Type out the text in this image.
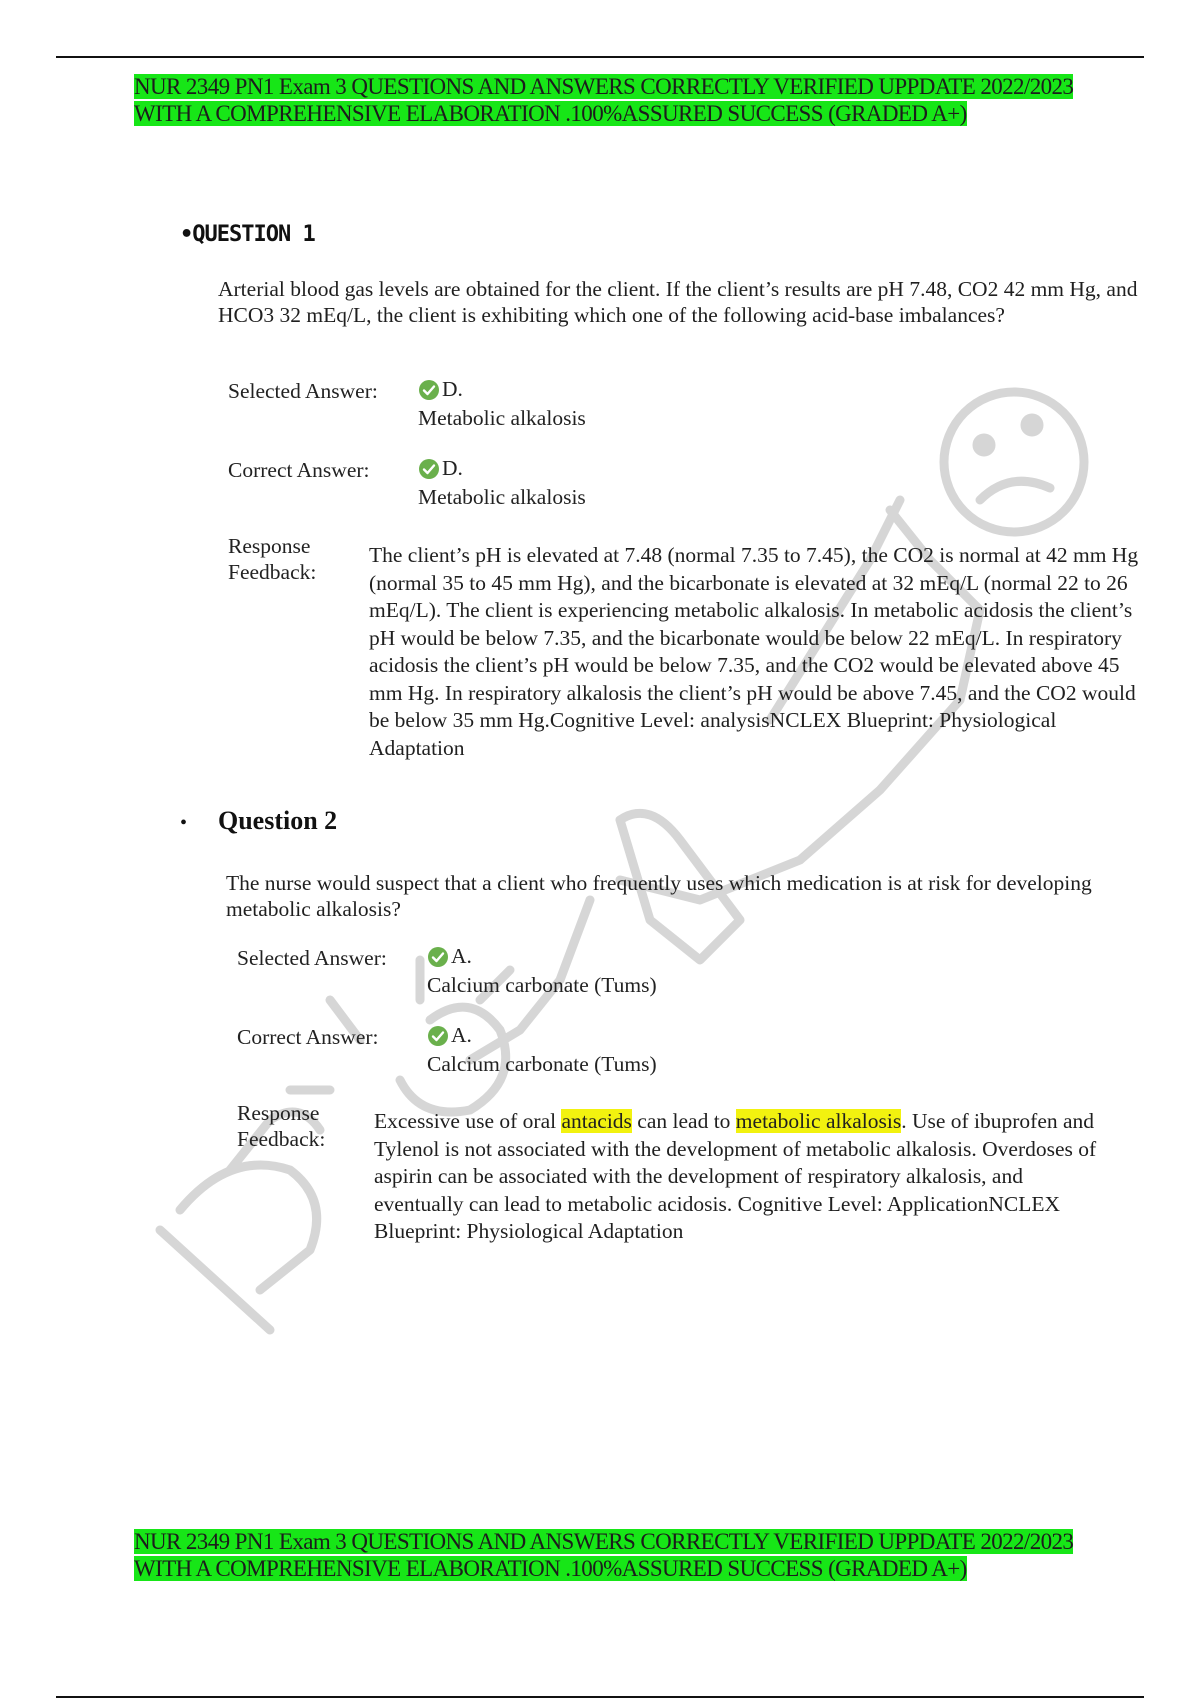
NUR 2349 PN1 Exam 3 QUESTIONS AND ANSWERS CORRECTLY VERIFIED UPPDATE 2022/2023
WITH A COMPREHENSIVE ELABORATION .100%ASSURED SUCCESS (GRADED A+)
•QUESTION 1
Arterial blood gas levels are obtained for the client. If the client’s results are pH 7.48, CO2 42 mm Hg, and HCO3 32 mEq/L, the client is exhibiting which one of the following acid-base imbalances?
Selected Answer:	D.
Metabolic alkalosis
Correct Answer:	D.
Metabolic alkalosis
Response
Feedback:
The client’s pH is elevated at 7.48 (normal 7.35 to 7.45), the CO2 is normal at 42 mm Hg (normal 35 to 45 mm Hg), and the bicarbonate is elevated at 32 mEq/L (normal 22 to 26 mEq/L). The client is experiencing metabolic alkalosis. In metabolic acidosis the client’s pH would be below 7.35, and the bicarbonate would be below 22 mEq/L. In respiratory acidosis the client’s pH would be below 7.35, and the CO2 would be elevated above 45 mm Hg. In respiratory alkalosis the client’s pH would be above 7.45, and the CO2 would be below 35 mm Hg.Cognitive Level: analysisNCLEX Blueprint: Physiological Adaptation
• Question 2
The nurse would suspect that a client who frequently uses which medication is at risk for developing metabolic alkalosis?
Selected Answer:	A.
Calcium carbonate (Tums)
Correct Answer:	A.
Calcium carbonate (Tums)
Response
Feedback:
Excessive use of oral antacids can lead to metabolic alkalosis. Use of ibuprofen and Tylenol is not associated with the development of metabolic alkalosis. Overdoses of aspirin can be associated with the development of respiratory alkalosis, and eventually can lead to metabolic acidosis. Cognitive Level: ApplicationNCLEX Blueprint: Physiological Adaptation
NUR 2349 PN1 Exam 3 QUESTIONS AND ANSWERS CORRECTLY VERIFIED UPPDATE 2022/2023
WITH A COMPREHENSIVE ELABORATION .100%ASSURED SUCCESS (GRADED A+)
